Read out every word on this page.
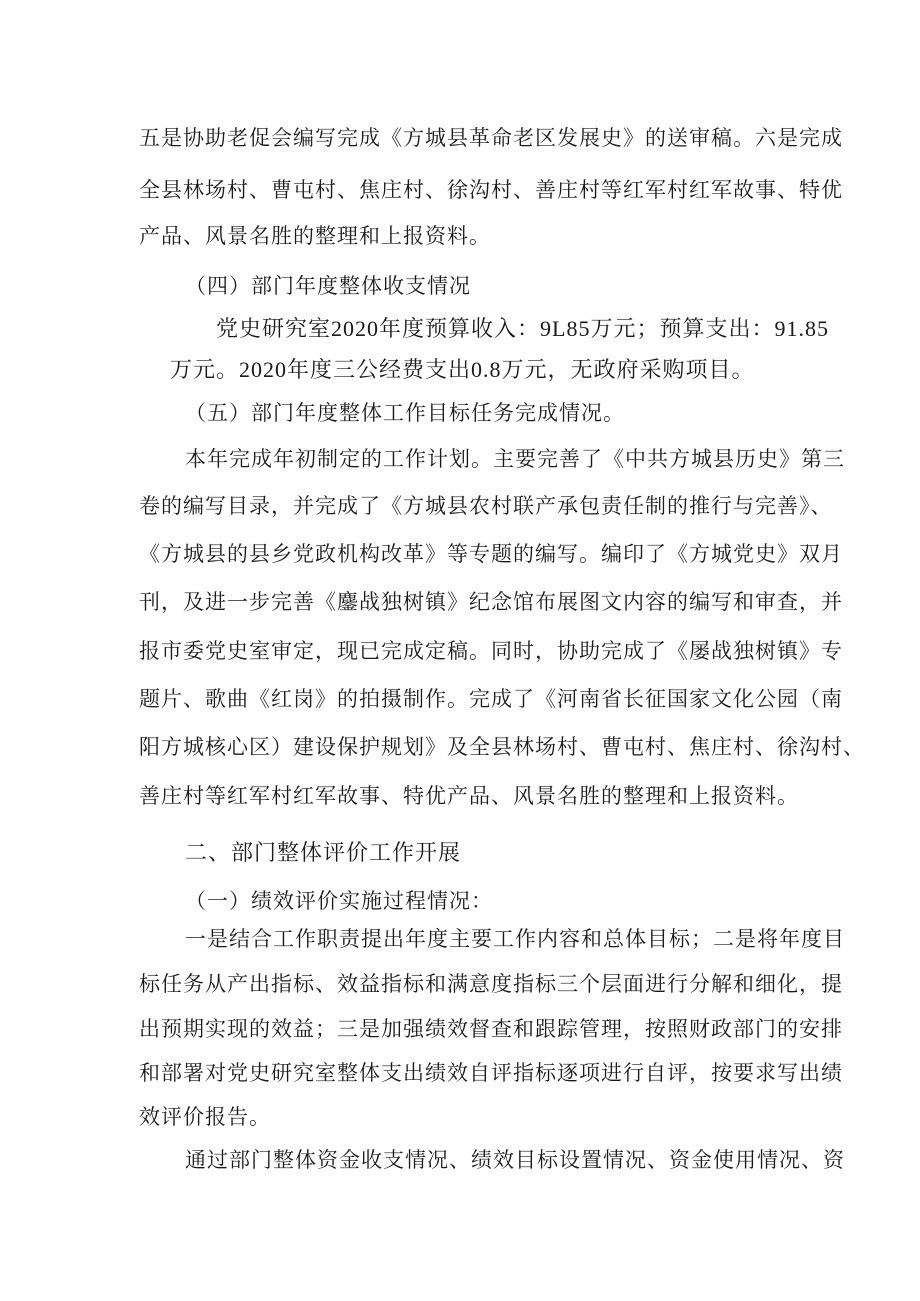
五是协助老促会编写完成《方城县革命老区发展史》的送审稿。六是完成
全县林场村、曹屯村、焦庄村、徐沟村、善庄村等红军村红军故事、特优
产品、风景名胜的整理和上报资料。
（四）部门年度整体收支情况
党史研究室2020年度预算收入：9L85万元；预算支出：91.85
万元。2020年度三公经费支出0.8万元，无政府采购项目。
（五）部门年度整体工作目标任务完成情况。
本年完成年初制定的工作计划。主要完善了《中共方城县历史》第三
卷的编写目录，并完成了《方城县农村联产承包责任制的推行与完善》、
《方城县的县乡党政机构改革》等专题的编写。编印了《方城党史》双月
刊，及进一步完善《鏖战独树镇》纪念馆布展图文内容的编写和审查，并
报市委党史室审定，现已完成定稿。同时，协助完成了《屡战独树镇》专
题片、歌曲《红岗》的拍摄制作。完成了《河南省长征国家文化公园（南
阳方城核心区）建设保护规划》及全县林场村、曹屯村、焦庄村、徐沟村、
善庄村等红军村红军故事、特优产品、风景名胜的整理和上报资料。
二、部门整体评价工作开展
（一）绩效评价实施过程情况：
一是结合工作职责提出年度主要工作内容和总体目标；二是将年度目
标任务从产出指标、效益指标和满意度指标三个层面进行分解和细化，提
出预期实现的效益；三是加强绩效督查和跟踪管理，按照财政部门的安排
和部署对党史研究室整体支出绩效自评指标逐项进行自评，按要求写出绩
效评价报告。
通过部门整体资金收支情况、绩效目标设置情况、资金使用情况、资
